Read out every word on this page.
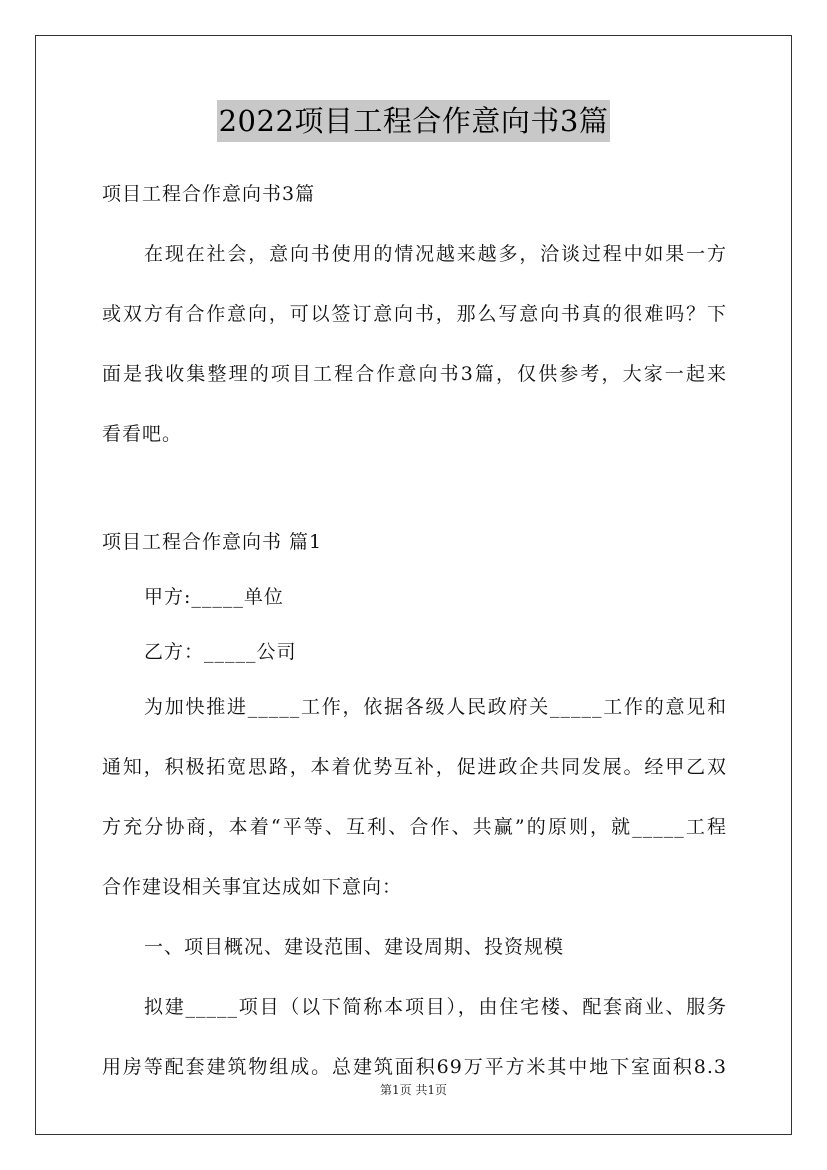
2022项目工程合作意向书3篇
项目工程合作意向书3篇
在现在社会，意向书使用的情况越来越多，洽谈过程中如果一方
或双方有合作意向，可以签订意向书，那么写意向书真的很难吗？下
面是我收集整理的项目工程合作意向书3篇，仅供参考，大家一起来
看看吧。
项目工程合作意向书 篇1
甲方:_____单位
乙方：_____公司
为加快推进_____工作，依据各级人民政府关_____工作的意见和
通知，积极拓宽思路，本着优势互补，促进政企共同发展。经甲乙双
方充分协商，本着“平等、互利、合作、共赢”的原则，就_____工程
合作建设相关事宜达成如下意向：
一、项目概况、建设范围、建设周期、投资规模
拟建_____项目（以下简称本项目），由住宅楼、配套商业、服务
用房等配套建筑物组成。总建筑面积69万平方米其中地下室面积8.3
第1页 共1页
